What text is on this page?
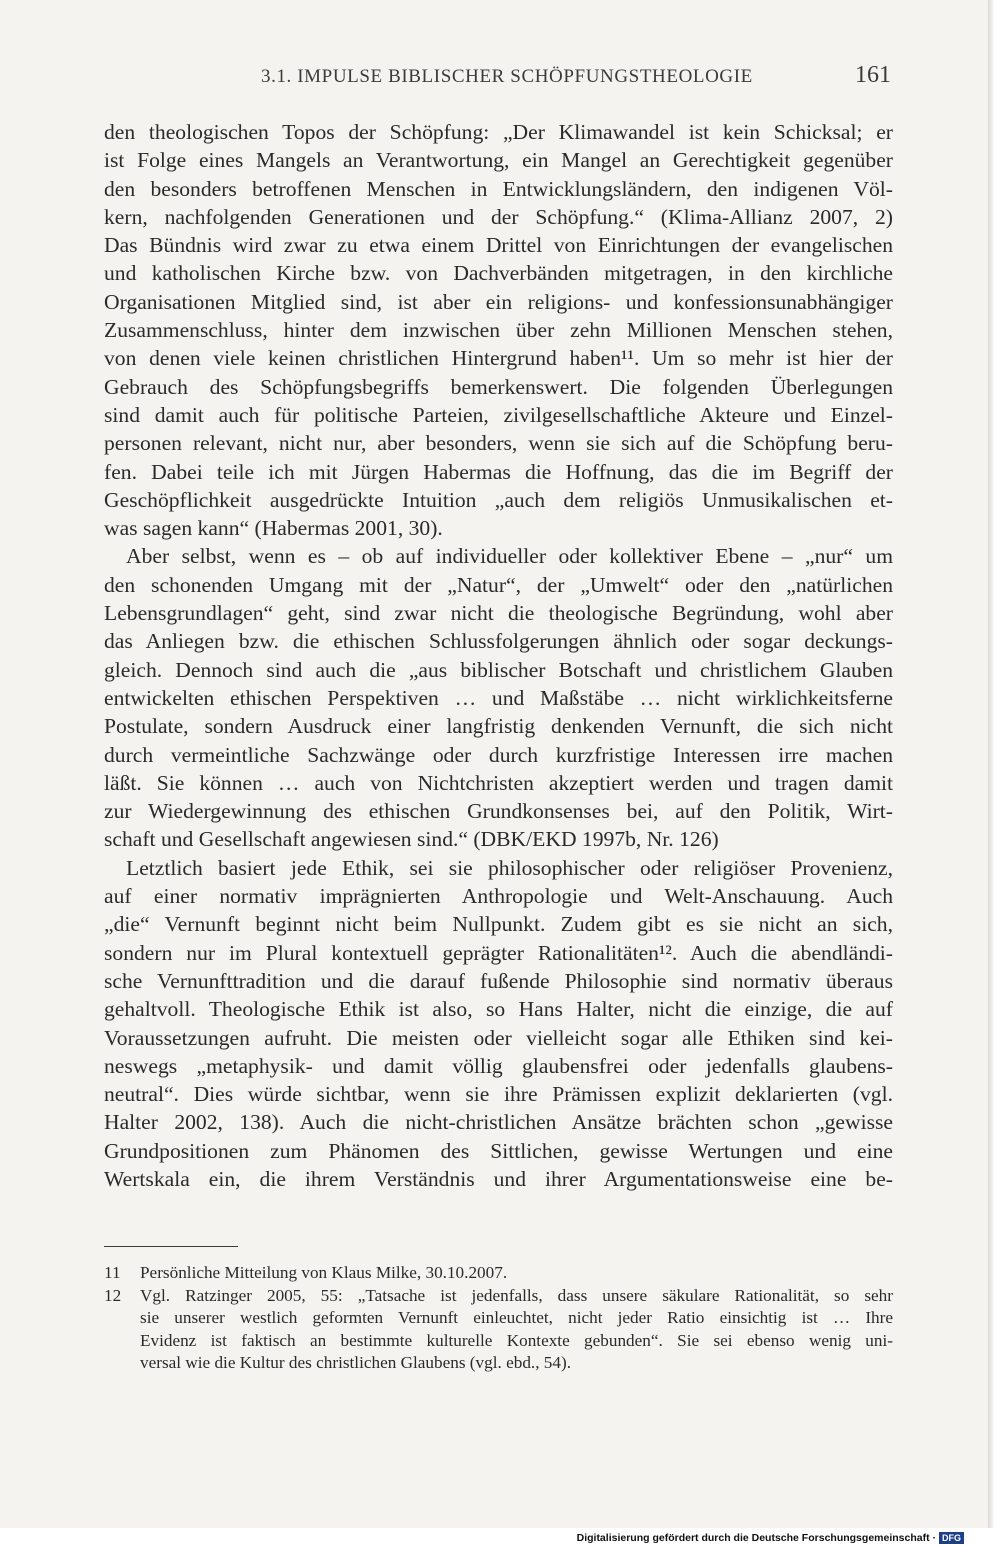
3.1. IMPULSE BIBLISCHER SCHÖPFUNGSTHEOLOGIE	161
den theologischen Topos der Schöpfung: „Der Klimawandel ist kein Schicksal; er
ist Folge eines Mangels an Verantwortung, ein Mangel an Gerechtigkeit gegenüber
den besonders betroffenen Menschen in Entwicklungsländern, den indigenen Völ-
kern, nachfolgenden Generationen und der Schöpfung.“ (Klima-Allianz 2007, 2)
Das Bündnis wird zwar zu etwa einem Drittel von Einrichtungen der evangelischen
und katholischen Kirche bzw. von Dachverbänden mitgetragen, in den kirchliche
Organisationen Mitglied sind, ist aber ein religions- und konfessionsunabhängiger
Zusammenschluss, hinter dem inzwischen über zehn Millionen Menschen stehen,
von denen viele keinen christlichen Hintergrund haben¹¹. Um so mehr ist hier der
Gebrauch des Schöpfungsbegriffs bemerkenswert. Die folgenden Überlegungen
sind damit auch für politische Parteien, zivilgesellschaftliche Akteure und Einzel-
personen relevant, nicht nur, aber besonders, wenn sie sich auf die Schöpfung beru-
fen. Dabei teile ich mit Jürgen Habermas die Hoffnung, das die im Begriff der
Geschöpflichkeit ausgedrückte Intuition „auch dem religiös Unmusikalischen et-
was sagen kann“ (Habermas 2001, 30).
Aber selbst, wenn es – ob auf individueller oder kollektiver Ebene – „nur“ um
den schonenden Umgang mit der „Natur“, der „Umwelt“ oder den „natürlichen
Lebensgrundlagen“ geht, sind zwar nicht die theologische Begründung, wohl aber
das Anliegen bzw. die ethischen Schlussfolgerungen ähnlich oder sogar deckungs-
gleich. Dennoch sind auch die „aus biblischer Botschaft und christlichem Glauben
entwickelten ethischen Perspektiven … und Maßstäbe … nicht wirklichkeitsferne
Postulate, sondern Ausdruck einer langfristig denkenden Vernunft, die sich nicht
durch vermeintliche Sachzwänge oder durch kurzfristige Interessen irre machen
läßt. Sie können … auch von Nichtchristen akzeptiert werden und tragen damit
zur Wiedergewinnung des ethischen Grundkonsenses bei, auf den Politik, Wirt-
schaft und Gesellschaft angewiesen sind.“ (DBK/EKD 1997b, Nr. 126)
Letztlich basiert jede Ethik, sei sie philosophischer oder religiöser Provenienz,
auf einer normativ imprägnierten Anthropologie und Welt-Anschauung. Auch
„die“ Vernunft beginnt nicht beim Nullpunkt. Zudem gibt es sie nicht an sich,
sondern nur im Plural kontextuell geprägter Rationalitäten¹². Auch die abendländi-
sche Vernunfttradition und die darauf fußende Philosophie sind normativ überaus
gehaltvoll. Theologische Ethik ist also, so Hans Halter, nicht die einzige, die auf
Voraussetzungen aufruht. Die meisten oder vielleicht sogar alle Ethiken sind kei-
neswegs „metaphysik- und damit völlig glaubensfrei oder jedenfalls glaubens-
neutral“. Dies würde sichtbar, wenn sie ihre Prämissen explizit deklarierten (vgl.
Halter 2002, 138). Auch die nicht-christlichen Ansätze brächten schon „gewisse
Grundpositionen zum Phänomen des Sittlichen, gewisse Wertungen und eine
Wertskala ein, die ihrem Verständnis und ihrer Argumentationsweise eine be-
11 Persönliche Mitteilung von Klaus Milke, 30.10.2007.
12 Vgl. Ratzinger 2005, 55: „Tatsache ist jedenfalls, dass unsere säkulare Rationalität, so sehr
sie unserer westlich geformten Vernunft einleuchtet, nicht jeder Ratio einsichtig ist … Ihre
Evidenz ist faktisch an bestimmte kulturelle Kontexte gebunden“. Sie sei ebenso wenig uni-
versal wie die Kultur des christlichen Glaubens (vgl. ebd., 54).
Digitalisierung gefördert durch die Deutsche Forschungsgemeinschaft · DFG
